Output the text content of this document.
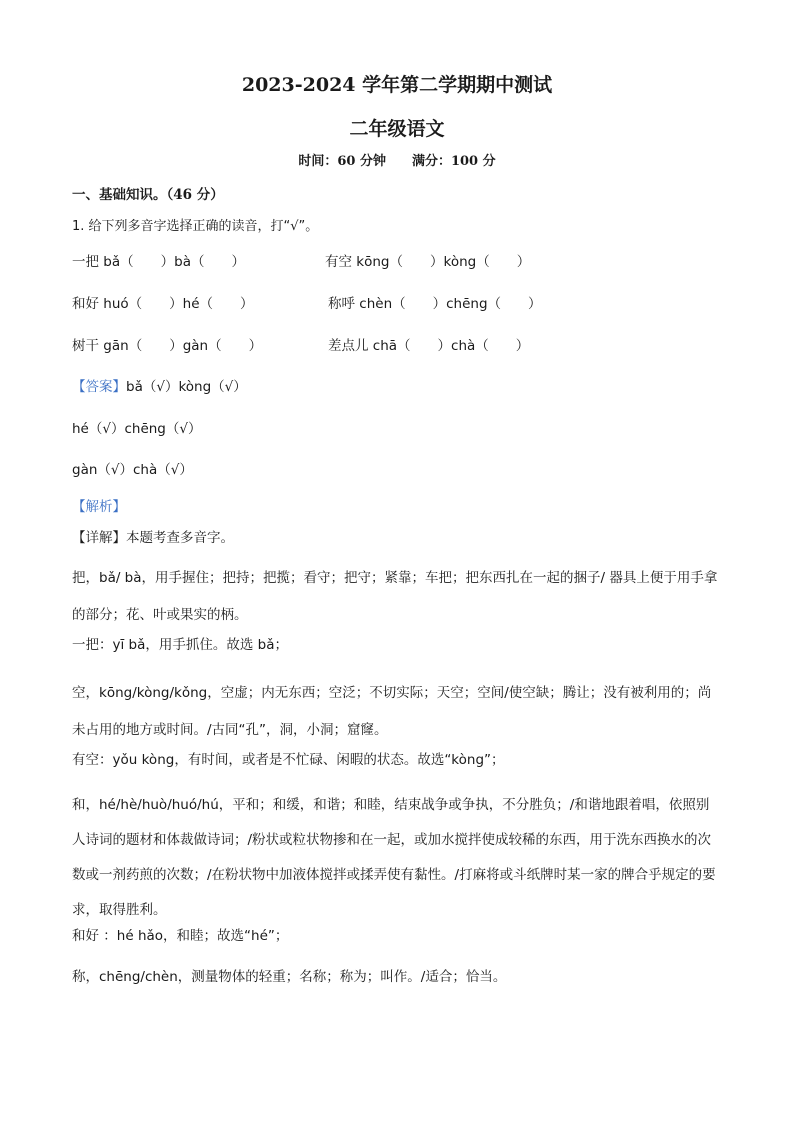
2023-2024 学年第二学期期中测试
二年级语文
时间：60 分钟 满分：100 分
一、基础知识。（46 分）
1. 给下列多音字选择正确的读音，打“√”。
一把 bǎ（　　）bà（　　）	有空 kōng（　　）kòng（　　）
和好 huó（　　）hé（　　）	称呼 chèn（　　）chēng（　　）
树干 gān（　　）gàn（　　）	差点儿 chā（　　）chà（　　）
【答案】bǎ（√）kòng（√）
hé（√）chēng（√）
gàn（√）chà（√）
【解析】
【详解】本题考查多音字。
把，bǎ/ bà，用手握住；把持；把揽；看守；把守；紧靠；车把；把东西扎在一起的捆子/ 器具上便于用手拿的部分；花、叶或果实的柄。
一把：yī bǎ，用手抓住。故选 bǎ；
空，kōng/kòng/kǒng，空虚；内无东西；空泛；不切实际；天空；空间/使空缺；腾让；没有被利用的；尚未占用的地方或时间。/古同“孔”，洞，小洞；窟窿。
有空：yǒu kòng，有时间，或者是不忙碌、闲暇的状态。故选“kòng”；
和，hé/hè/huò/huó/hú，平和；和缓，和谐；和睦，结束战争或争执，不分胜负；/和谐地跟着唱，依照别人诗词的题材和体裁做诗词；/粉状或粒状物掺和在一起，或加水搅拌使成较稀的东西，用于洗东西换水的次数或一剂药煎的次数；/在粉状物中加液体搅拌或揉弄使有黏性。/打麻将或斗纸牌时某一家的牌合乎规定的要求，取得胜利。
和好 ：hé hǎo，和睦；故选“hé”；
称，chēng/chèn，测量物体的轻重；名称；称为；叫作。/适合；恰当。
